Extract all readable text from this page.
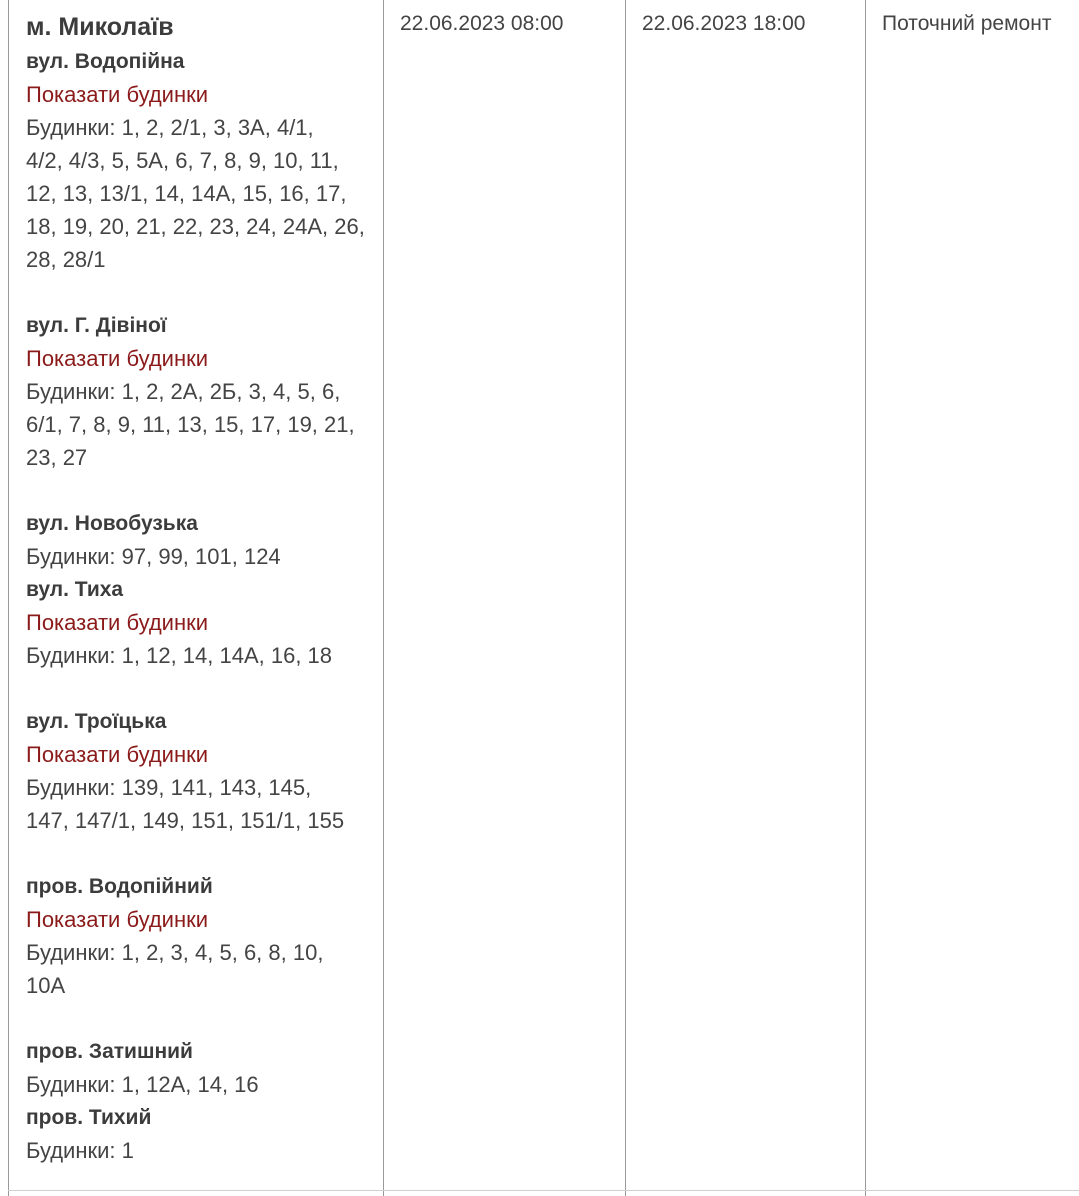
м. Миколаїв
вул. Водопійна
Показати будинки
Будинки: 1, 2, 2/1, 3, 3А, 4/1,
4/2, 4/3, 5, 5А, 6, 7, 8, 9, 10, 11,
12, 13, 13/1, 14, 14А, 15, 16, 17,
18, 19, 20, 21, 22, 23, 24, 24А, 26,
28, 28/1
вул. Г. Дівіної
Показати будинки
Будинки: 1, 2, 2А, 2Б, 3, 4, 5, 6,
6/1, 7, 8, 9, 11, 13, 15, 17, 19, 21,
23, 27
вул. Новобузька
Будинки: 97, 99, 101, 124
вул. Тиха
Показати будинки
Будинки: 1, 12, 14, 14А, 16, 18
вул. Троїцька
Показати будинки
Будинки: 139, 141, 143, 145,
147, 147/1, 149, 151, 151/1, 155
пров. Водопійний
Показати будинки
Будинки: 1, 2, 3, 4, 5, 6, 8, 10,
10А
пров. Затишний
Будинки: 1, 12А, 14, 16
пров. Тихий
Будинки: 1
22.06.2023 08:00	22.06.2023 18:00	Поточний ремонт
